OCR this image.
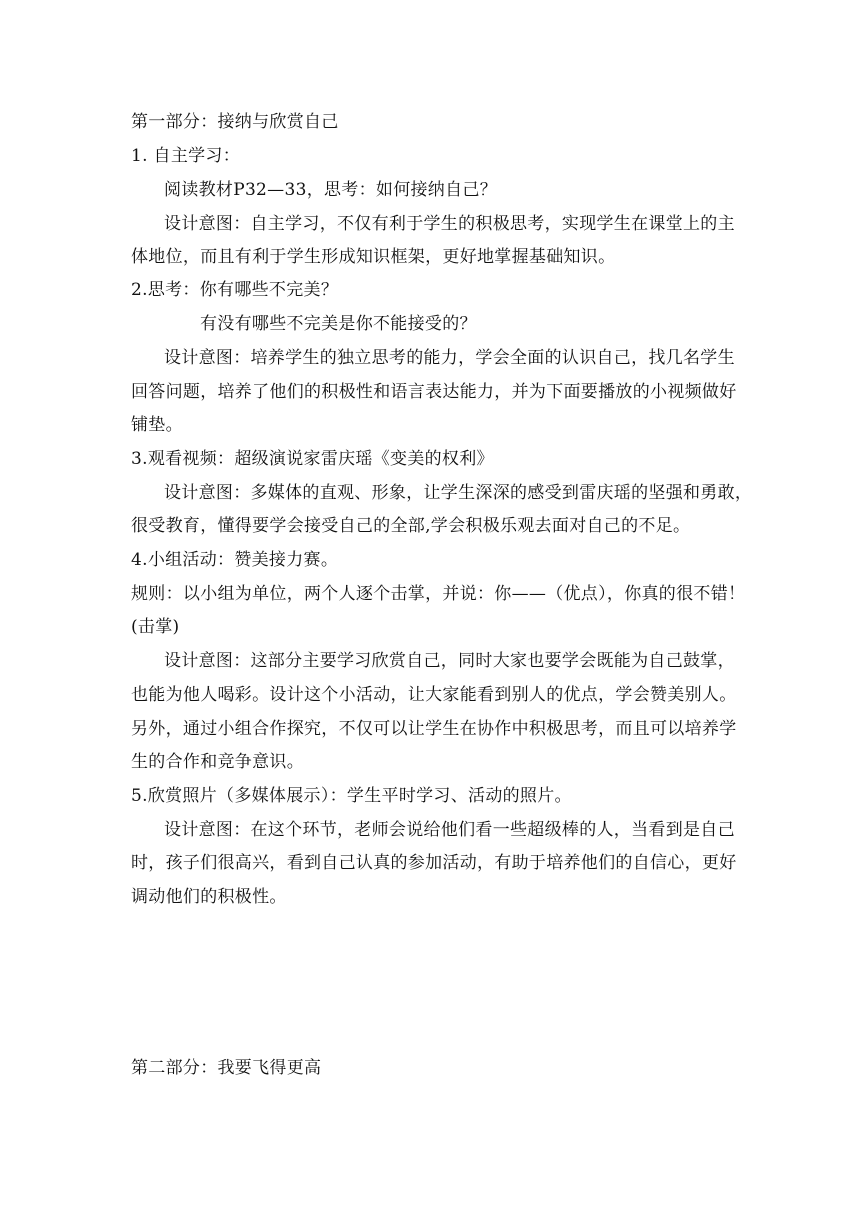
第一部分：接纳与欣赏自己
1. 自主学习：
阅读教材P32—33，思考：如何接纳自己？
设计意图：自主学习，不仅有利于学生的积极思考，实现学生在课堂上的主
体地位，而且有利于学生形成知识框架，更好地掌握基础知识。
2.思考：你有哪些不完美？
有没有哪些不完美是你不能接受的？
设计意图：培养学生的独立思考的能力，学会全面的认识自己，找几名学生
回答问题，培养了他们的积极性和语言表达能力，并为下面要播放的小视频做好
铺垫。
3.观看视频：超级演说家雷庆瑶《变美的权利》
设计意图：多媒体的直观、形象，让学生深深的感受到雷庆瑶的坚强和勇敢，
很受教育，懂得要学会接受自己的全部,学会积极乐观去面对自己的不足。
4.小组活动：赞美接力赛。
规则：以小组为单位，两个人逐个击掌，并说：你——（优点），你真的很不错！
(击掌)
设计意图：这部分主要学习欣赏自己，同时大家也要学会既能为自己鼓掌，
也能为他人喝彩。设计这个小活动，让大家能看到别人的优点，学会赞美别人。
另外，通过小组合作探究，不仅可以让学生在协作中积极思考，而且可以培养学
生的合作和竞争意识。
5.欣赏照片（多媒体展示）：学生平时学习、活动的照片。
设计意图：在这个环节，老师会说给他们看一些超级棒的人，当看到是自己
时，孩子们很高兴，看到自己认真的参加活动，有助于培养他们的自信心，更好
调动他们的积极性。
第二部分：我要飞得更高
